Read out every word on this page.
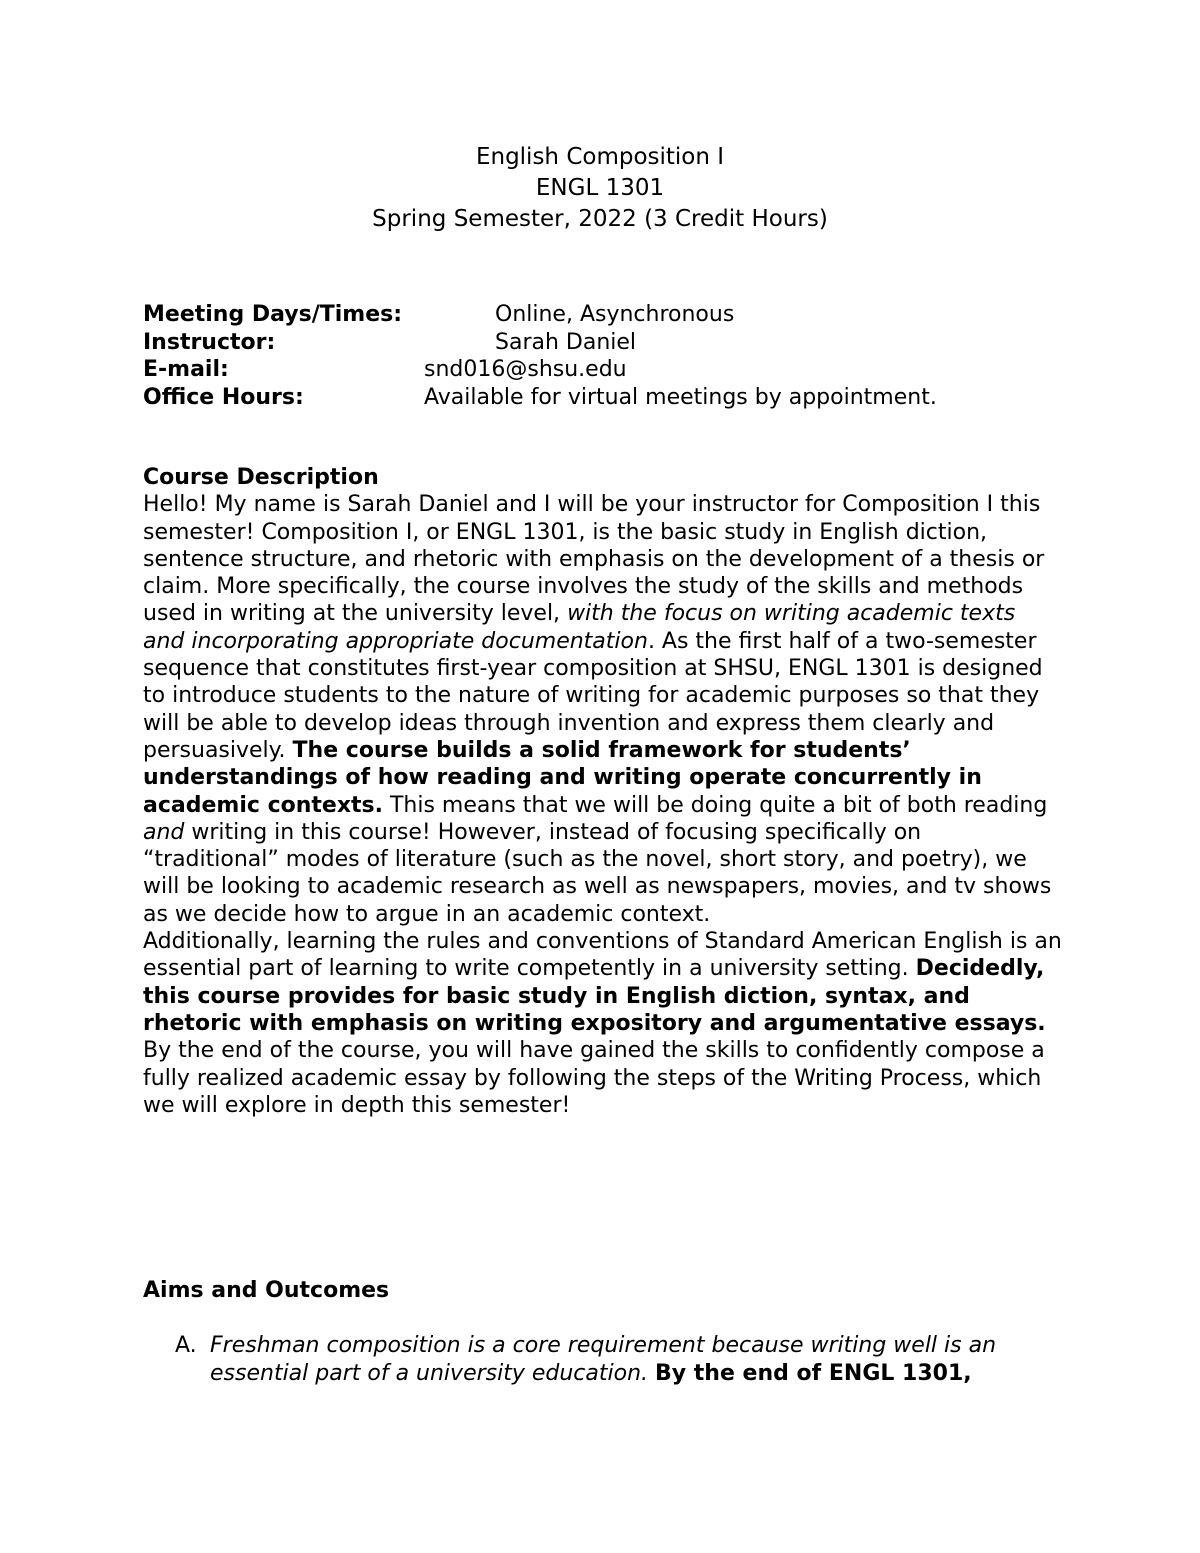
English Composition I
ENGL 1301
Spring Semester, 2022 (3 Credit Hours)
Meeting Days/Times:	Online, Asynchronous
Instructor:	Sarah Daniel
E-mail:	snd016@shsu.edu
Office Hours:	Available for virtual meetings by appointment.

Course Description

Hello! My name is Sarah Daniel and I will be your instructor for Composition I this semester! Composition I, or ENGL 1301, is the basic study in English diction, sentence structure, and rhetoric with emphasis on the development of a thesis or claim. More specifically, the course involves the study of the skills and methods used in writing at the university level, with the focus on writing academic texts and incorporating appropriate documentation. As the first half of a two-semester sequence that constitutes first-year composition at SHSU, ENGL 1301 is designed to introduce students to the nature of writing for academic purposes so that they will be able to develop ideas through invention and express them clearly and persuasively. The course builds a solid framework for students’ understandings of how reading and writing operate concurrently in academic contexts. This means that we will be doing quite a bit of both reading and writing in this course! However, instead of focusing specifically on “traditional” modes of literature (such as the novel, short story, and poetry), we will be looking to academic research as well as newspapers, movies, and tv shows as we decide how to argue in an academic context.

Additionally, learning the rules and conventions of Standard American English is an essential part of learning to write competently in a university setting. Decidedly, this course provides for basic study in English diction, syntax, and rhetoric with emphasis on writing expository and argumentative essays.

By the end of the course, you will have gained the skills to confidently compose a fully realized academic essay by following the steps of the Writing Process, which we will explore in depth this semester!

Aims and Outcomes
A. Freshman composition is a core requirement because writing well is an essential part of a university education. By the end of ENGL 1301,
